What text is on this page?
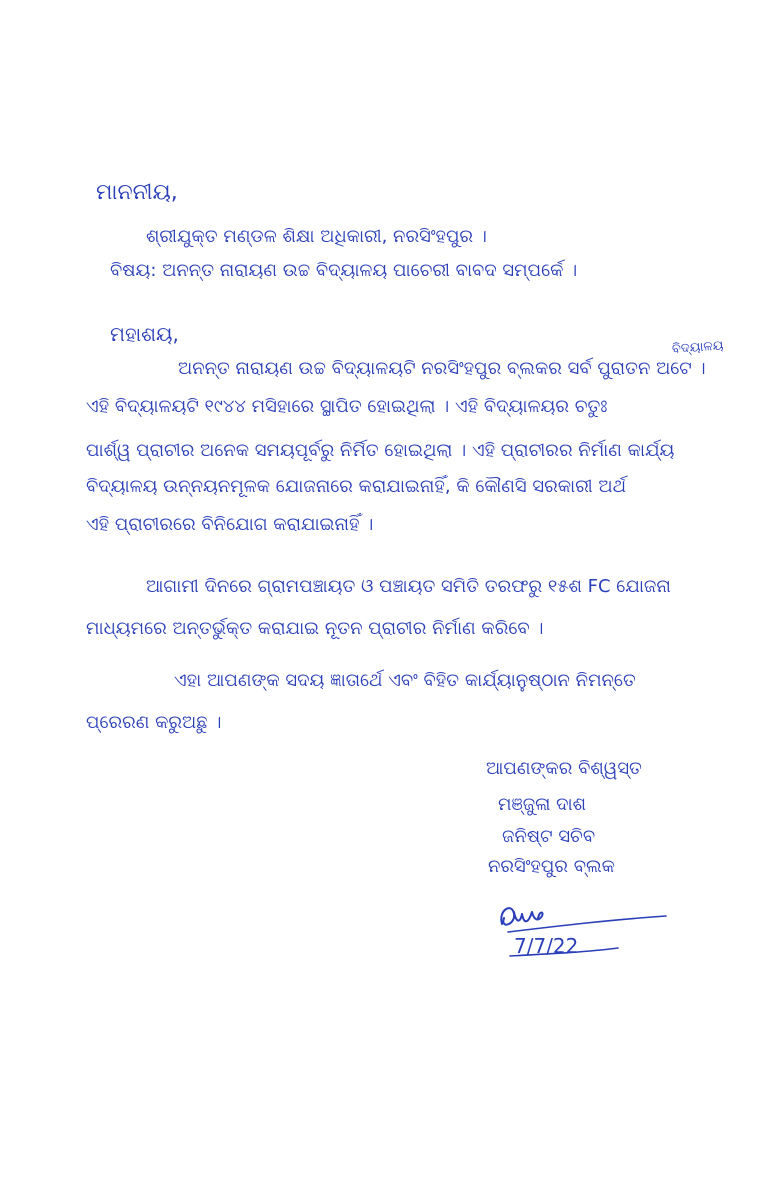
ମାନନୀୟ,
ଶ୍ରୀଯୁକ୍ତ ମଣ୍ଡଳ ଶିକ୍ଷା ଅଧିକାରୀ, ନରସିଂହପୁର ।
ବିଷୟ: ଅନନ୍ତ ନାରାୟଣ ଉଚ୍ଚ ବିଦ୍ୟାଳୟ ପାଚେରୀ ବାବଦ ସମ୍ପର୍କେ ।
ମହାଶୟ,
ବିଦ୍ୟାଳୟ
ଅନନ୍ତ ନାରାୟଣ ଉଚ୍ଚ ବିଦ୍ୟାଳୟଟି ନରସିଂହପୁର ବ୍ଲକର ସର୍ବ ପୁରାତନ ଅଟେ ।
ଏହି ବିଦ୍ୟାଳୟଟି ୧୯୪୪ ମସିହାରେ ସ୍ଥାପିତ ହୋଇଥିଲା । ଏହି ବିଦ୍ୟାଳୟର ଚତୁଃ
ପାର୍ଶ୍ୱ ପ୍ରାଚୀର ଅନେକ ସମୟପୂର୍ବରୁ ନିର୍ମିତ ହୋଇଥିଲା । ଏହି ପ୍ରାଚୀରର ନିର୍ମାଣ କାର୍ଯ୍ୟ
ବିଦ୍ୟାଳୟ ଉନ୍ନୟନମୂଳକ ଯୋଜନାରେ କରାଯାଇନାହିଁ, କି କୌଣସି ସରକାରୀ ଅର୍ଥ
ଏହି ପ୍ରାଚୀରରେ ବିନିଯୋଗ କରାଯାଇନାହିଁ ।
ଆଗାମୀ ଦିନରେ ଗ୍ରାମପଞ୍ଚାୟତ ଓ ପଞ୍ଚାୟତ ସମିତି ତରଫରୁ ୧୫ଶ FC ଯୋଜନା
ମାଧ୍ୟମରେ ଅନ୍ତର୍ଭୁକ୍ତ କରାଯାଇ ନୂତନ ପ୍ରାଚୀର ନିର୍ମାଣ କରିବେ ।
ଏହା ଆପଣଙ୍କ ସଦୟ ଜ୍ଞାତାର୍ଥେ ଏବଂ ବିହିତ କାର୍ଯ୍ୟାନୁଷ୍ଠାନ ନିମନ୍ତେ
ପ୍ରେରଣ କରୁଅଛୁ ।
ଆପଣଙ୍କର ବିଶ୍ୱସ୍ତ
ମଞ୍ଜୁଳା ଦାଶ
ଜନିଷ୍ଟ ସଚିବ
ନରସିଂହପୁର ବ୍ଲକ
7/7/22
